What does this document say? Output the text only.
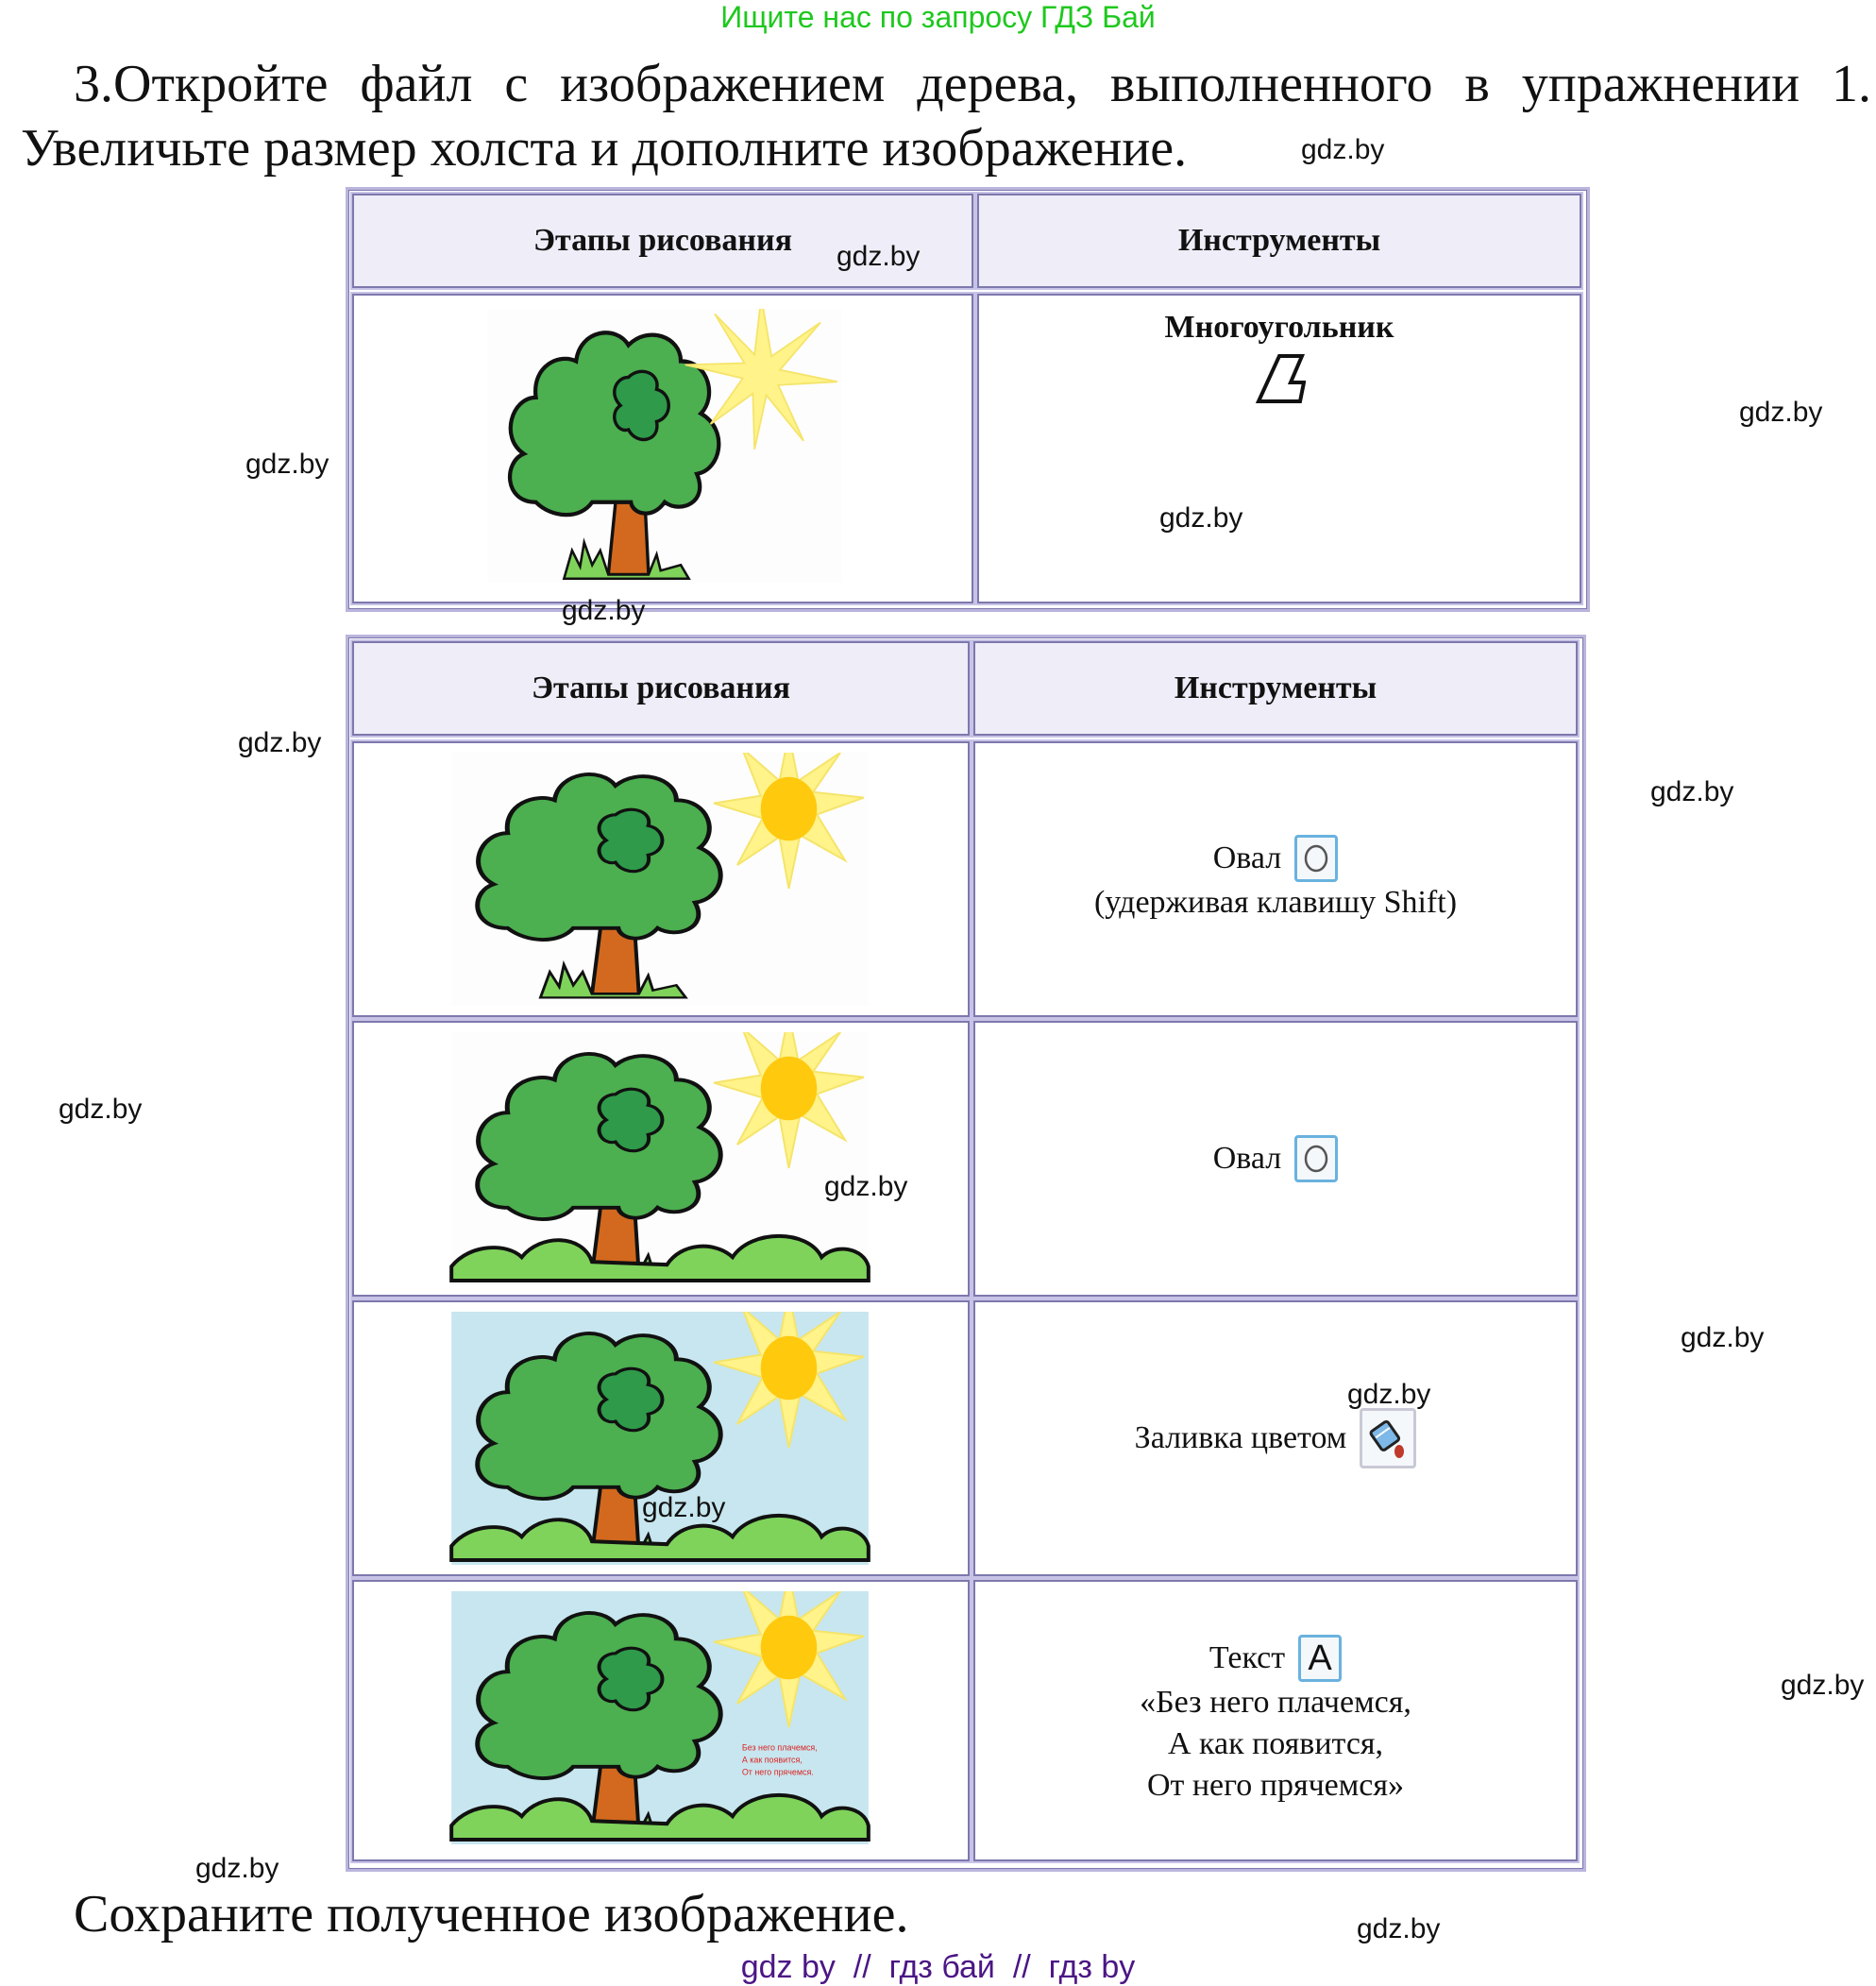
Ищите нас по запросу ГДЗ Бай
3.Откройте файл с изображением дерева, выполненного в упражнении 1.
Увеличьте размер холста и дополните изображение.
Этапы рисования	Инструменты
Многоугольник
Этапы рисования	Инструменты
Овал
(удерживая клавишу Shift)
Овал
Заливка цветом
Без него плачемся,
А как появится,
От него прячемся.
Текст A
«Без него плачемся,
А как появится,
От него прячемся»
Сохраните полученное изображение.
gdz.by
gdz.by
gdz.by
gdz.by
gdz.by
gdz.by
gdz.by
gdz.by
gdz.by
gdz.by
gdz.by
gdz.by
gdz.by
gdz.by
gdz.by
gdz.by
gdz by  //  гдз бай  //  гдз by
